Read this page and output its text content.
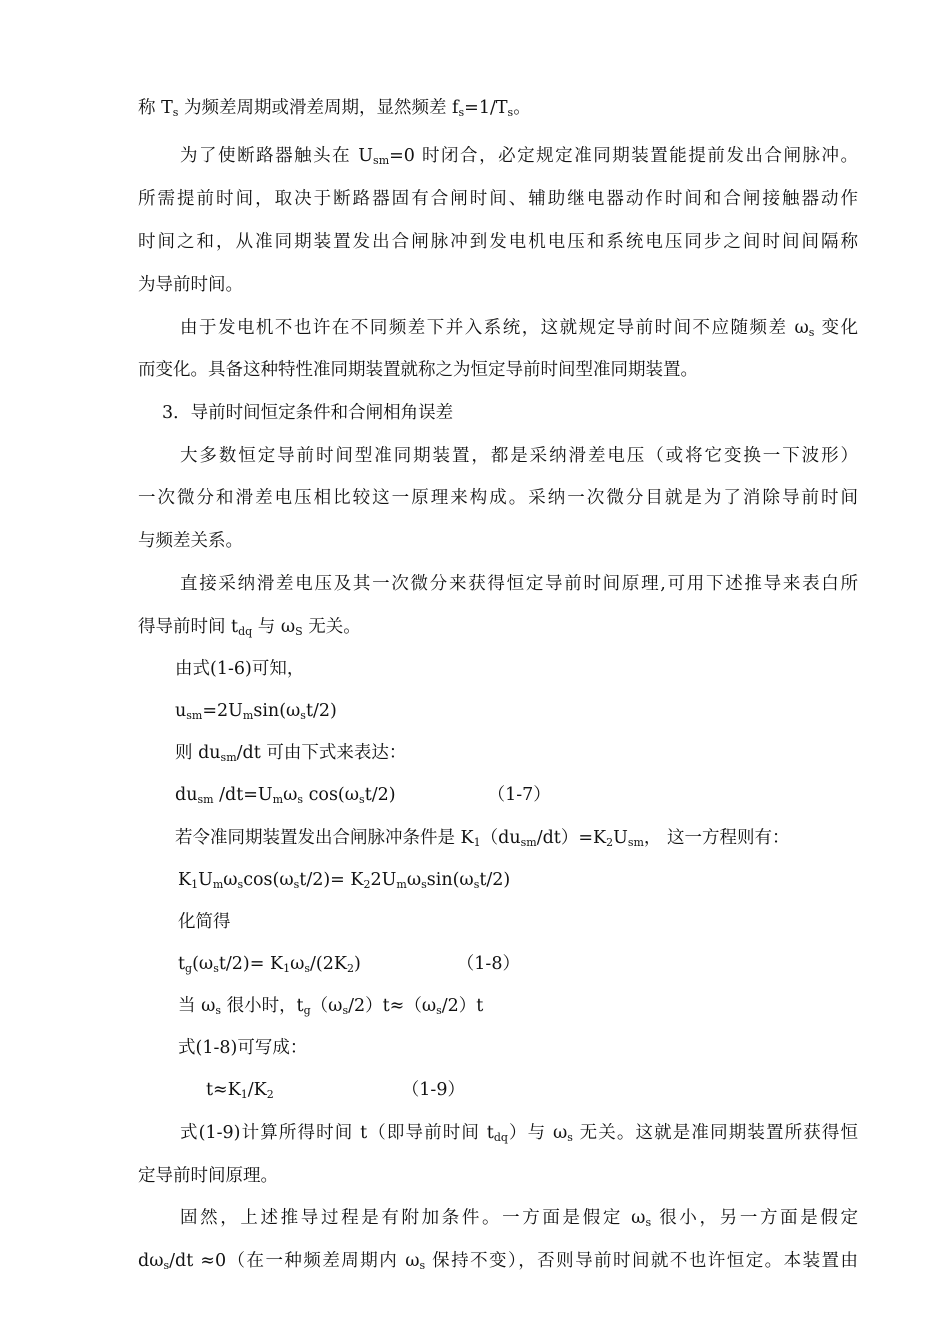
称 $T_s$ 为频差周期或滑差周期，显然频差 $f_s=1/T_s$。
为了使断路器触头在 $U_{sm}=0$ 时闭合，必定规定准同期装置能提前发出合闸脉冲。
所需提前时间，取决于断路器固有合闸时间、辅助继电器动作时间和合闸接触器动作
时间之和，从准同期装置发出合闸脉冲到发电机电压和系统电压同步之间时间间隔称
为导前时间。
由于发电机不也许在不同频差下并入系统，这就规定导前时间不应随频差 $\omega_s$ 变化
而变化。具备这种特性准同期装置就称之为恒定导前时间型准同期装置。
3．导前时间恒定条件和合闸相角误差
大多数恒定导前时间型准同期装置，都是采纳滑差电压（或将它变换一下波形）
一次微分和滑差电压相比较这一原理来构成。采纳一次微分目就是为了消除导前时间
与频差关系。
直接采纳滑差电压及其一次微分来获得恒定导前时间原理,可用下述推导来表白所
得导前时间 $t_{dq}$ 与 $\omega_S$ 无关。
由式(1-6)可知，
$u_{sm}=2U_m\sin(\omega_st/2)$
则 $du_{sm}/dt$ 可由下式来表达：
$du_{sm}$ $/dt=U_m\omega_s$ $\cos(\omega_st/2)$	（1-7）
若令准同期装置发出合闸脉冲条件是 $K_1(du_{sm}/dt)=K_2U_{sm}$， 这一方程则有：
$K_1U_m\omega_s\cos(\omega_st/2)= K_22U_m\omega_s\sin(\omega_st/2)$
化简得
$t_g(\omega_st/2)= K_1\omega_s/(2K_2)$	（1-8）
当 $\omega_s$ 很小时，$t_g(\omega_s/2)t\approx(\omega_s/2)t$
式(1-8)可写成：
$t\approx K_1/K_2$	（1-9）
式(1-9)计算所得时间 t（即导前时间 $t_{dq}$）与 $\omega_s$ 无关。这就是准同期装置所获得恒
定导前时间原理。
固然，上述推导过程是有附加条件。一方面是假定 $\omega_s$ 很小，另一方面是假定
$d\omega_s/dt \approx 0$（在一种频差周期内 $\omega_s$ 保持不变），否则导前时间就不也许恒定。本装置由
